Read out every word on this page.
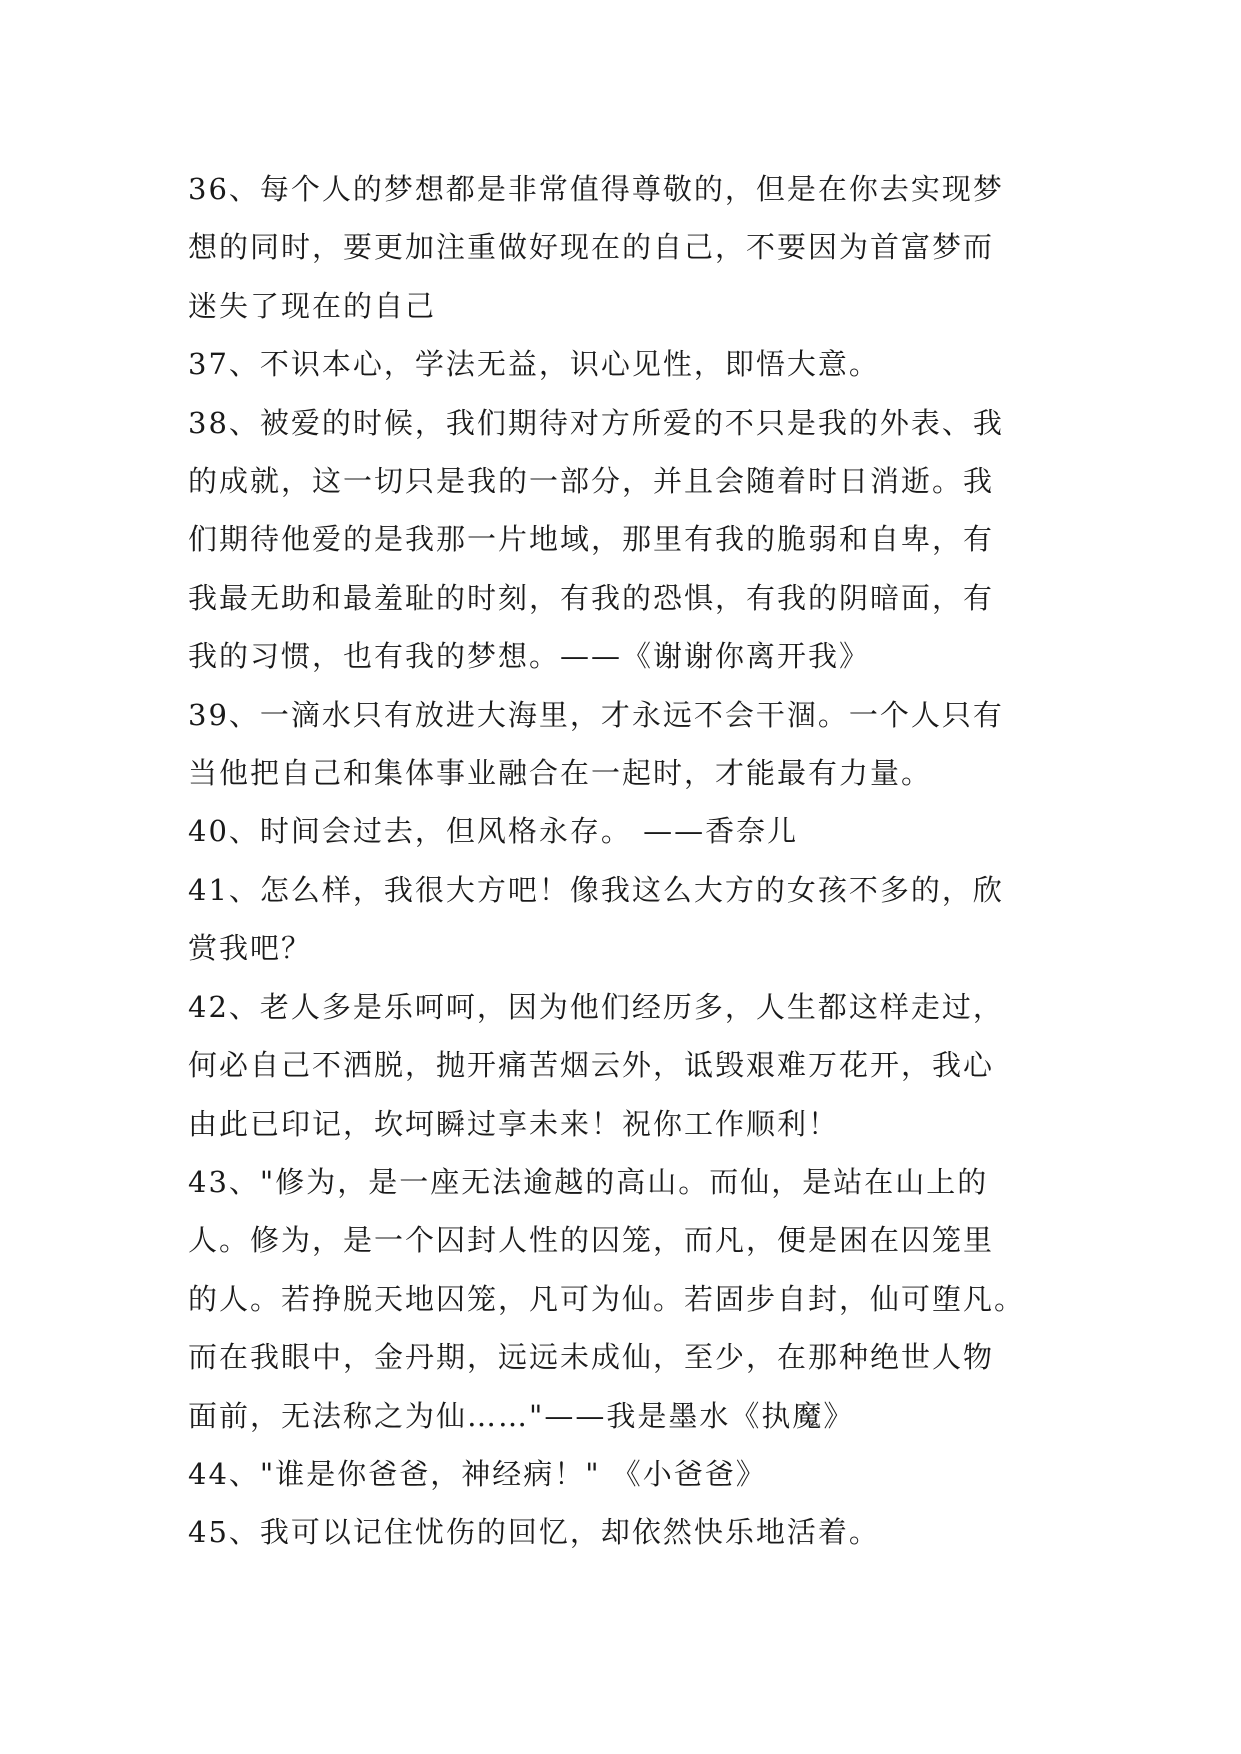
36、每个人的梦想都是非常值得尊敬的，但是在你去实现梦
想的同时，要更加注重做好现在的自己，不要因为首富梦而
迷失了现在的自己

37、不识本心，学法无益，识心见性，即悟大意。

38、被爱的时候，我们期待对方所爱的不只是我的外表、我
的成就，这一切只是我的一部分，并且会随着时日消逝。我
们期待他爱的是我那一片地域，那里有我的脆弱和自卑，有
我最无助和最羞耻的时刻，有我的恐惧，有我的阴暗面，有
我的习惯，也有我的梦想。——《谢谢你离开我》

39、一滴水只有放进大海里，才永远不会干涸。一个人只有
当他把自己和集体事业融合在一起时，才能最有力量。

40、时间会过去，但风格永存。 ——香奈儿

41、怎么样，我很大方吧！像我这么大方的女孩不多的，欣
赏我吧？

42、老人多是乐呵呵，因为他们经历多，人生都这样走过，
何必自己不洒脱，抛开痛苦烟云外，诋毁艰难万花开，我心
由此已印记，坎坷瞬过享未来！祝你工作顺利！

43、"修为，是一座无法逾越的高山。而仙，是站在山上的
人。修为，是一个囚封人性的囚笼，而凡，便是困在囚笼里
的人。若挣脱天地囚笼，凡可为仙。若固步自封，仙可堕凡。
而在我眼中，金丹期，远远未成仙，至少，在那种绝世人物
面前，无法称之为仙……"——我是墨水《执魔》

44、"谁是你爸爸，神经病！" 《小爸爸》

45、我可以记住忧伤的回忆，却依然快乐地活着。
